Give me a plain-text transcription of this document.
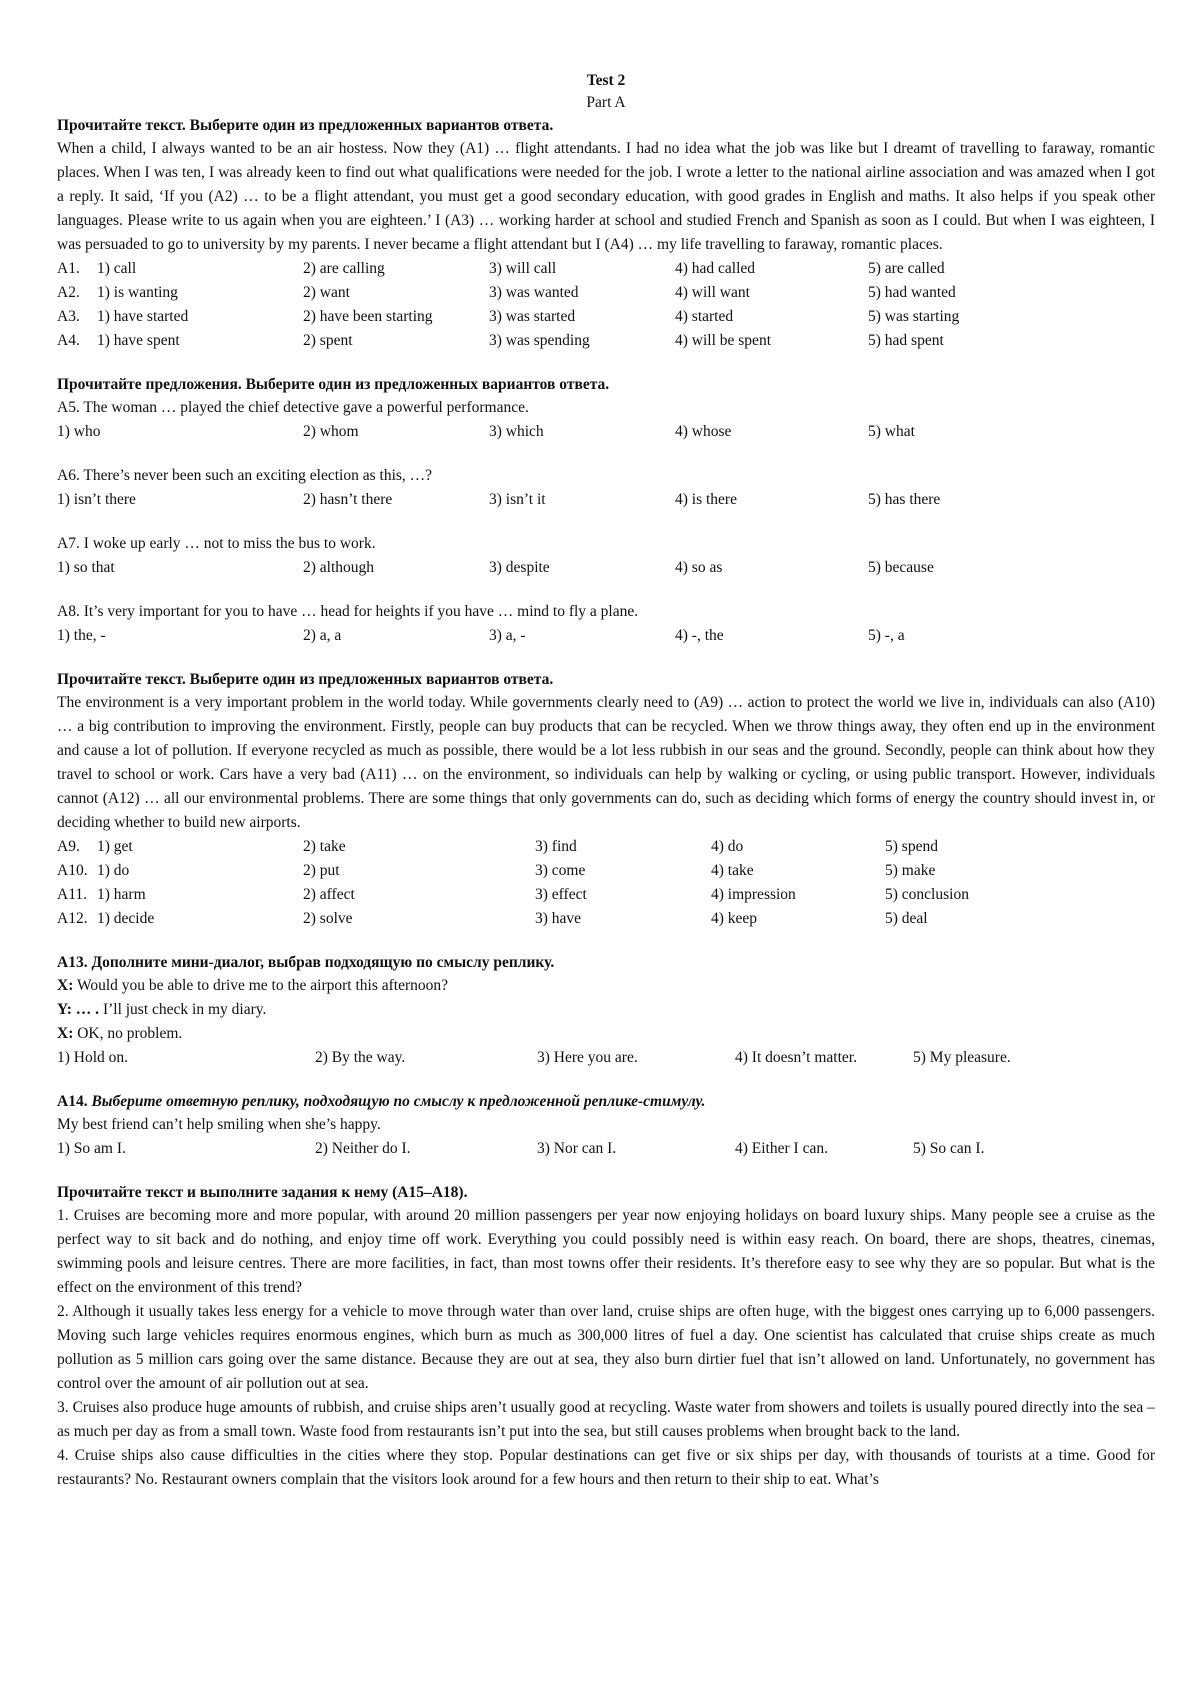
Test 2
Part A
Прочитайте текст. Выберите один из предложенных вариантов ответа.
When a child, I always wanted to be an air hostess. Now they (A1) … flight attendants. I had no idea what the job was like but I dreamt of travelling to faraway, romantic places. When I was ten, I was already keen to find out what qualifications were needed for the job. I wrote a letter to the national airline association and was amazed when I got a reply. It said, ‘If you (A2) … to be a flight attendant, you must get a good secondary education, with good grades in English and maths. It also helps if you speak other languages. Please write to us again when you are eighteen.’ I (A3) … working harder at school and studied French and Spanish as soon as I could. But when I was eighteen, I was persuaded to go to university by my parents. I never became a flight attendant but I (A4) … my life travelling to faraway, romantic places.
A1.	1) call	2) are calling	3) will call	4) had called	5) are called
A2.	1) is wanting	2) want	3) was wanted	4) will want	5) had wanted
A3.	1) have started	2) have been starting	3) was started	4) started	5) was starting
A4.	1) have spent	2) spent	3) was spending	4) will be spent	5) had spent
Прочитайте предложения. Выберите один из предложенных вариантов ответа.
A5. The woman … played the chief detective gave a powerful performance.
1) who	2) whom	3) which	4) whose	5) what
A6. There’s never been such an exciting election as this, …?
1) isn’t there	2) hasn’t there	3) isn’t it	4) is there	5) has there
A7. I woke up early … not to miss the bus to work.
1) so that	2) although	3) despite	4) so as	5) because
A8. It’s very important for you to have … head for heights if you have … mind to fly a plane.
1) the, -	2) a, a	3) a, -	4) -, the	5) -, a
Прочитайте текст. Выберите один из предложенных вариантов ответа.
The environment is a very important problem in the world today. While governments clearly need to (A9) … action to protect the world we live in, individuals can also (A10) … a big contribution to improving the environment. Firstly, people can buy products that can be recycled. When we throw things away, they often end up in the environment and cause a lot of pollution. If everyone recycled as much as possible, there would be a lot less rubbish in our seas and the ground. Secondly, people can think about how they travel to school or work. Cars have a very bad (A11) … on the environment, so individuals can help by walking or cycling, or using public transport. However, individuals cannot (A12) … all our environmental problems. There are some things that only governments can do, such as deciding which forms of energy the country should invest in, or deciding whether to build new airports.
A9.	1) get	2) take	3) find	4) do	5) spend
A10.	1) do	2) put	3) come	4) take	5) make
A11.	1) harm	2) affect	3) effect	4) impression	5) conclusion
A12.	1) decide	2) solve	3) have	4) keep	5) deal
A13. Дополните мини-диалог, выбрав подходящую по смыслу реплику.
X: Would you be able to drive me to the airport this afternoon?
Y: … . I’ll just check in my diary.
X: OK, no problem.
1) Hold on.	2) By the way.	3) Here you are.	4) It doesn’t matter.	5) My pleasure.
A14. Выберите ответную реплику, подходящую по смыслу к предложенной реплике-стимулу.
My best friend can’t help smiling when she’s happy.
1) So am I.	2) Neither do I.	3) Nor can I.	4) Either I can.	5) So can I.
Прочитайте текст и выполните задания к нему (A15–A18).
1. Cruises are becoming more and more popular, with around 20 million passengers per year now enjoying holidays on board luxury ships. Many people see a cruise as the perfect way to sit back and do nothing, and enjoy time off work. Everything you could possibly need is within easy reach. On board, there are shops, theatres, cinemas, swimming pools and leisure centres. There are more facilities, in fact, than most towns offer their residents. It’s therefore easy to see why they are so popular. But what is the effect on the environment of this trend?
2. Although it usually takes less energy for a vehicle to move through water than over land, cruise ships are often huge, with the biggest ones carrying up to 6,000 passengers. Moving such large vehicles requires enormous engines, which burn as much as 300,000 litres of fuel a day. One scientist has calculated that cruise ships create as much pollution as 5 million cars going over the same distance. Because they are out at sea, they also burn dirtier fuel that isn’t allowed on land. Unfortunately, no government has control over the amount of air pollution out at sea.
3. Cruises also produce huge amounts of rubbish, and cruise ships aren’t usually good at recycling. Waste water from showers and toilets is usually poured directly into the sea – as much per day as from a small town. Waste food from restaurants isn’t put into the sea, but still causes problems when brought back to the land.
4. Cruise ships also cause difficulties in the cities where they stop. Popular destinations can get five or six ships per day, with thousands of tourists at a time. Good for restaurants? No. Restaurant owners complain that the visitors look around for a few hours and then return to their ship to eat. What’s
